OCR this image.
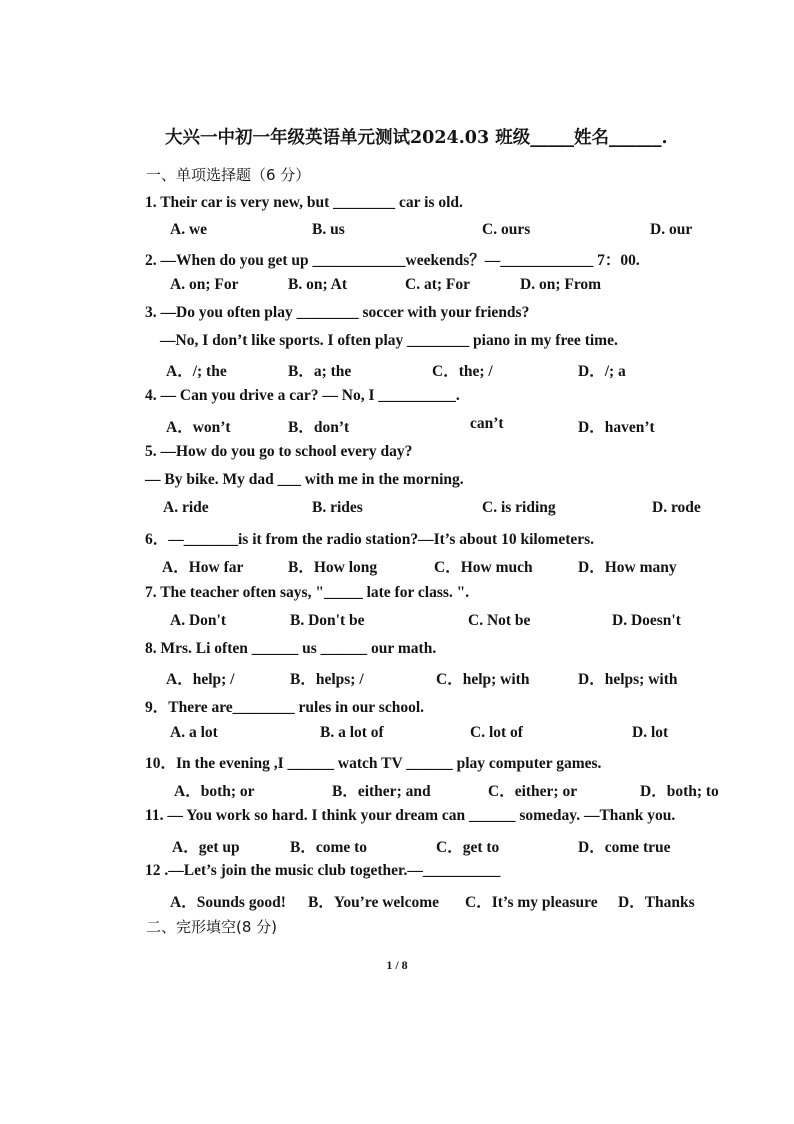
大兴一中初一年级英语单元测试2024.03 班级_____姓名______.
一、单项选择题（6 分）
1. Their car is very new, but ________ car is old.
A. we	B. us	C. ours	D. our
2. —When do you get up ____________weekends？—____________ 7：00.
A. on; For	B. on; At	C. at; For	D. on; From
3. —Do you often play ________ soccer with your friends?
—No, I don’t like sports. I often play ________ piano in my free time.
A．/; the	B．a; the	C．the; /	D．/; a
4. — Can you drive a car? — No, I __________.
A．won’t	B．don’t	can’t	D．haven’t
5. —How do you go to school every day?
— By bike. My dad ___ with me in the morning.
A. ride	B. rides	C. is riding	D. rode
6．—_______is it from the radio station?—It’s about 10 kilometers.
A．How far	B．How long	C．How much	D．How many
7. The teacher often says, "_____ late for class. ".
A. Don't	B. Don't be	C. Not be	D. Doesn't
8. Mrs. Li often ______ us ______ our math.
A．help; /	B．helps; /	C．help; with	D．helps; with
9．There are________ rules in our school.
A. a lot	B. a lot of	C. lot of	D. lot
10．In the evening ,I ______ watch TV ______ play computer games.
A．both; or	B．either; and	C．either; or	D．both; to
11. — You work so hard. I think your dream can ______ someday. —Thank you.
A．get up	B．come to	C．get to	D．come true
12 .—Let’s join the music club together.—__________
A．Sounds good! B．You’re welcome C．It’s my pleasure D．Thanks
二、完形填空(8 分)
1 / 8
